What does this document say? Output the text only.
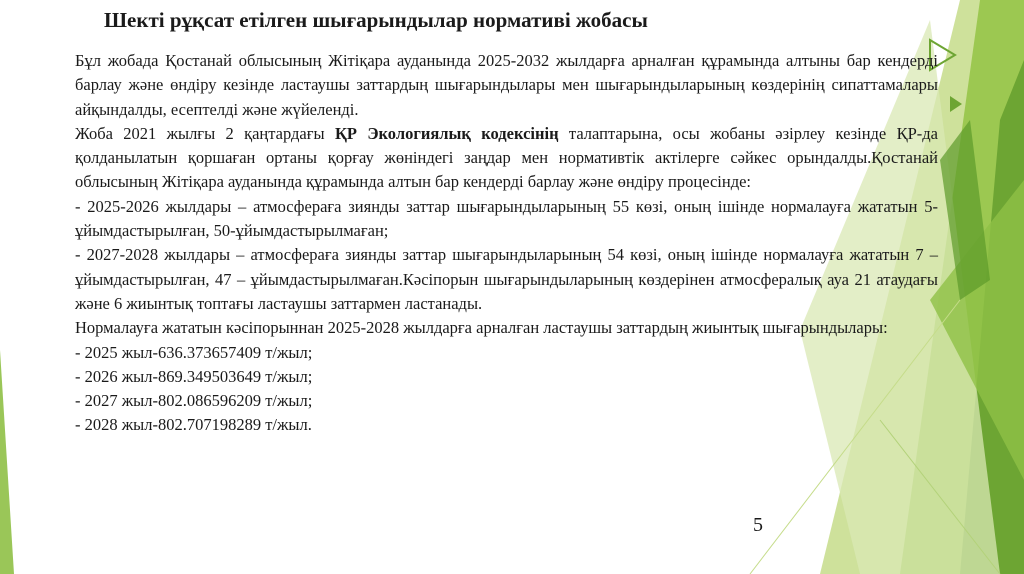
Шекті рұқсат етілген шығарындылар нормативі жобасы

Бұл жобада Қостанай облысының Жітіқара ауданында 2025-2032 жылдарға арналған құрамында алтыны бар кендерді барлау және өндіру кезінде ластаушы заттардың шығарындылары мен шығарындыларының көздерінің сипаттамалары айқындалды, есептелді және жүйеленді.

Жоба 2021 жылғы 2 қаңтардағы ҚР Экологиялық кодексінің талаптарына, осы жобаны әзірлеу кезінде ҚР-да қолданылатын қоршаған ортаны қорғау жөніндегі заңдар мен нормативтік актілерге сәйкес орындалды.Қостанай облысының Жітіқара ауданында құрамында алтын бар кендерді барлау және өндіру процесінде:

- 2025-2026 жылдары – атмосфераға зиянды заттар шығарындыларының 55 көзі, оның ішінде нормалауға жататын 5-ұйымдастырылған, 50-ұйымдастырылмаған;

- 2027-2028 жылдары – атмосфераға зиянды заттар шығарындыларының 54 көзі, оның ішінде нормалауға жататын 7 – ұйымдастырылған, 47 – ұйымдастырылмаған.Кәсіпорын шығарындыларының көздерінен атмосфералық ауа 21 атаудағы және 6 жиынтық топтағы ластаушы заттармен ластанады.

Нормалауға жататын кәсіпорыннан 2025-2028 жылдарға арналған ластаушы заттардың жиынтық шығарындылары:

- 2025 жыл-636.373657409 т/жыл;

- 2026 жыл-869.349503649 т/жыл;

- 2027 жыл-802.086596209 т/жыл;

- 2028 жыл-802.707198289 т/жыл.

5
